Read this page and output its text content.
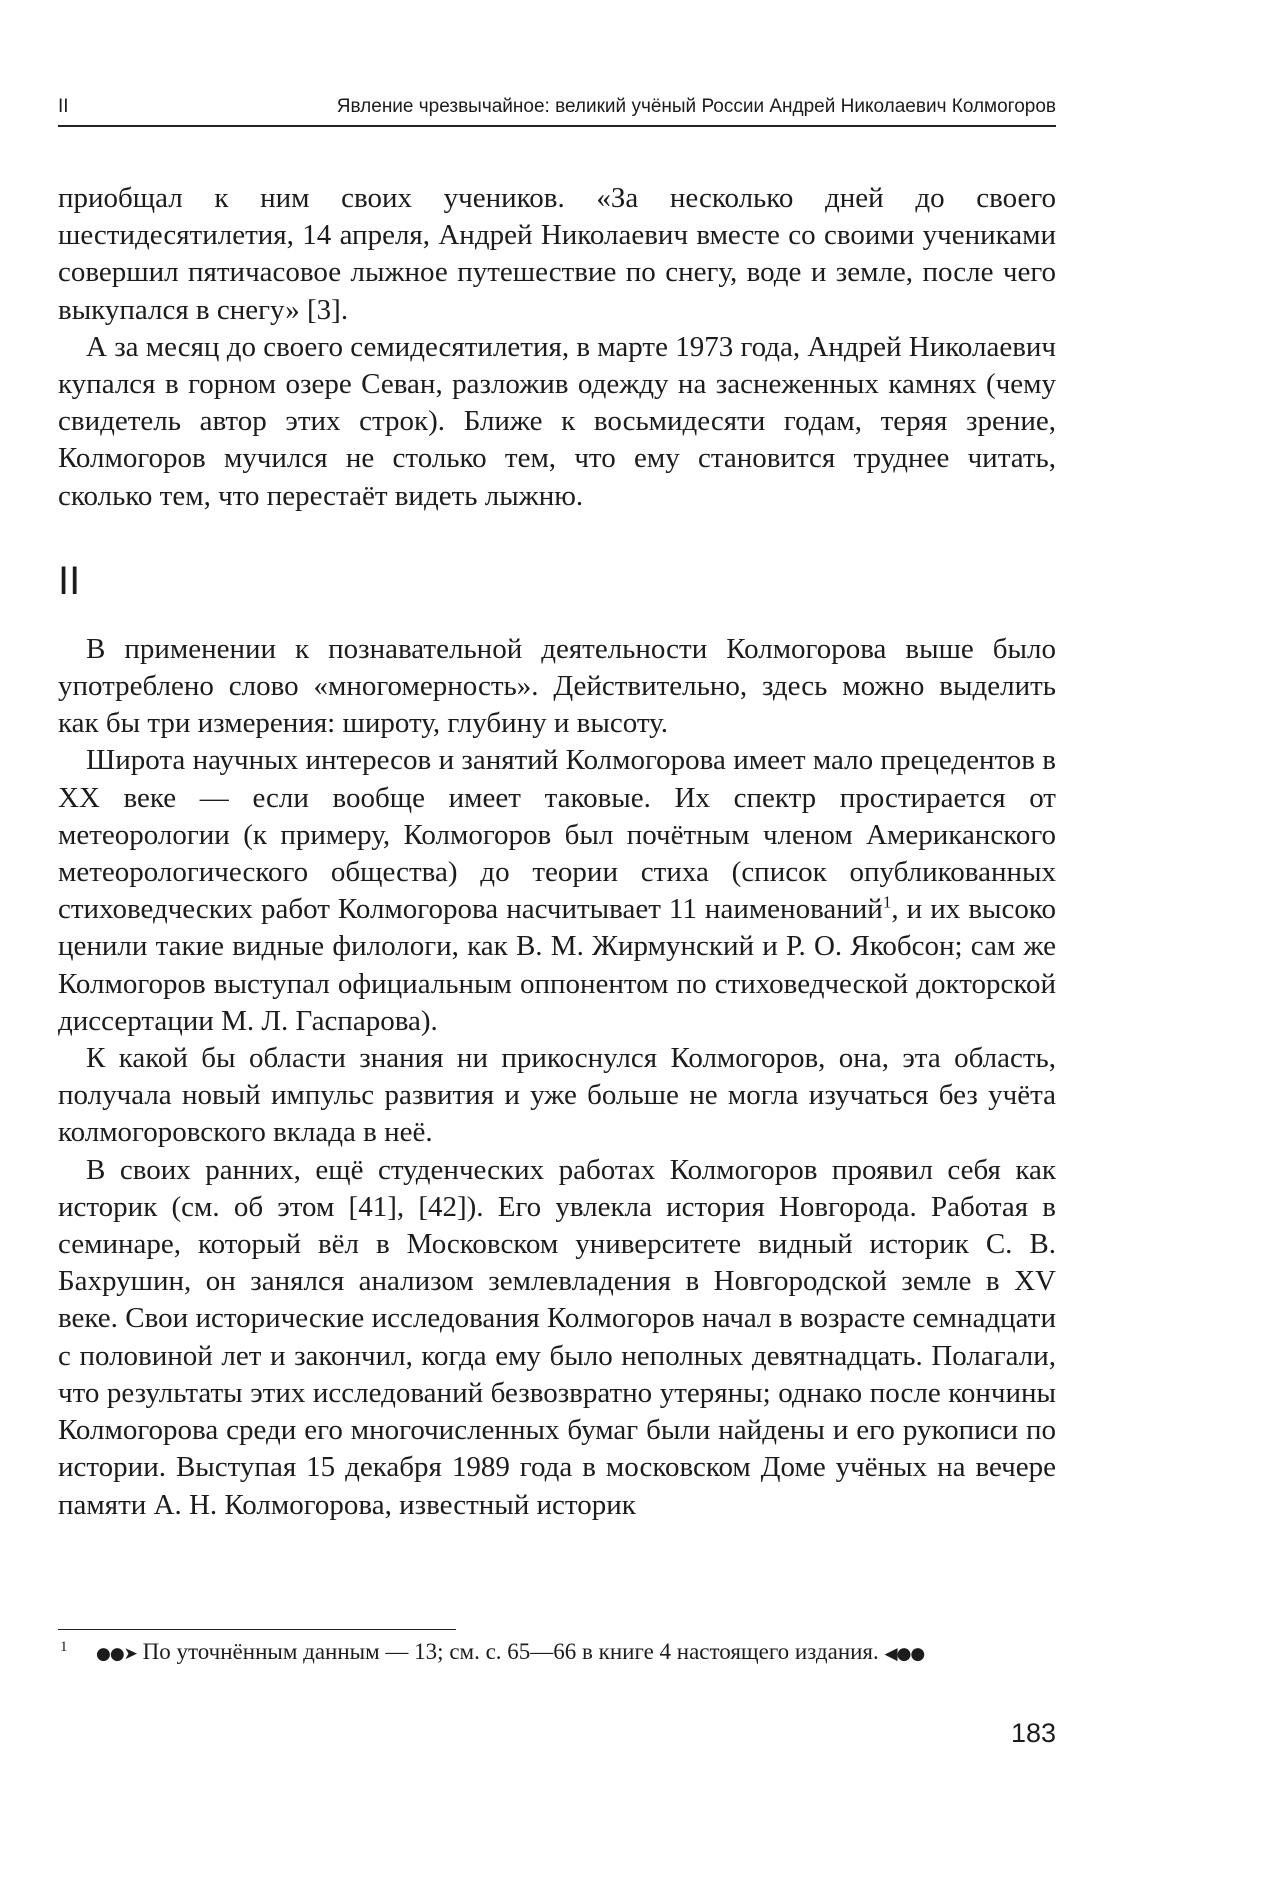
II	Явление чрезвычайное: великий учёный России Андрей Николаевич Колмогоров

приобщал к ним своих учеников. «За несколько дней до своего шестидесятилетия, 14 апреля, Андрей Николаевич вместе со своими учениками совершил пятичасовое лыжное путешествие по снегу, воде и земле, после чего выкупался в снегу» [3].

А за месяц до своего семидесятилетия, в марте 1973 года, Андрей Николаевич купался в горном озере Севан, разложив одежду на заснеженных камнях (чему свидетель автор этих строк). Ближе к восьмидесяти годам, теряя зрение, Колмогоров мучился не столько тем, что ему становится труднее читать, сколько тем, что перестаёт видеть лыжню.

II

В применении к познавательной деятельности Колмогорова выше было употреблено слово «многомерность». Действительно, здесь можно выделить как бы три измерения: широту, глубину и высоту.

Широта научных интересов и занятий Колмогорова имеет мало прецедентов в XX веке — если вообще имеет таковые. Их спектр простирается от метеорологии (к примеру, Колмогоров был почётным членом Американского метеорологического общества) до теории стиха (список опубликованных стиховедческих работ Колмогорова насчитывает 11 наименований$^1$, и их высоко ценили такие видные филологи, как В. М. Жирмунский и Р. О. Якобсон; сам же Колмогоров выступал официальным оппонентом по стиховедческой докторской диссертации М. Л. Гаспарова).

К какой бы области знания ни прикоснулся Колмогоров, она, эта область, получала новый импульс развития и уже больше не могла изучаться без учёта колмогоровского вклада в неё.

В своих ранних, ещё студенческих работах Колмогоров проявил себя как историк (см. об этом [41], [42]). Его увлекла история Новгорода. Работая в семинаре, который вёл в Московском университете видный историк С. В. Бахрушин, он занялся анализом землевладения в Новгородской земле в XV веке. Свои исторические исследования Колмогоров начал в возрасте семнадцати с половиной лет и закончил, когда ему было неполных девятнадцать. Полагали, что результаты этих исследований безвозвратно утеряны; однако после кончины Колмогорова среди его многочисленных бумаг были найдены и его рукописи по истории. Выступая 15 декабря 1989 года в московском Доме учёных на вечере памяти А. Н. Колмогорова, известный историк

1	●●➤ По уточнённым данным — 13; см. с. 65—66 в книге 4 настоящего издания. ◀●●
183
